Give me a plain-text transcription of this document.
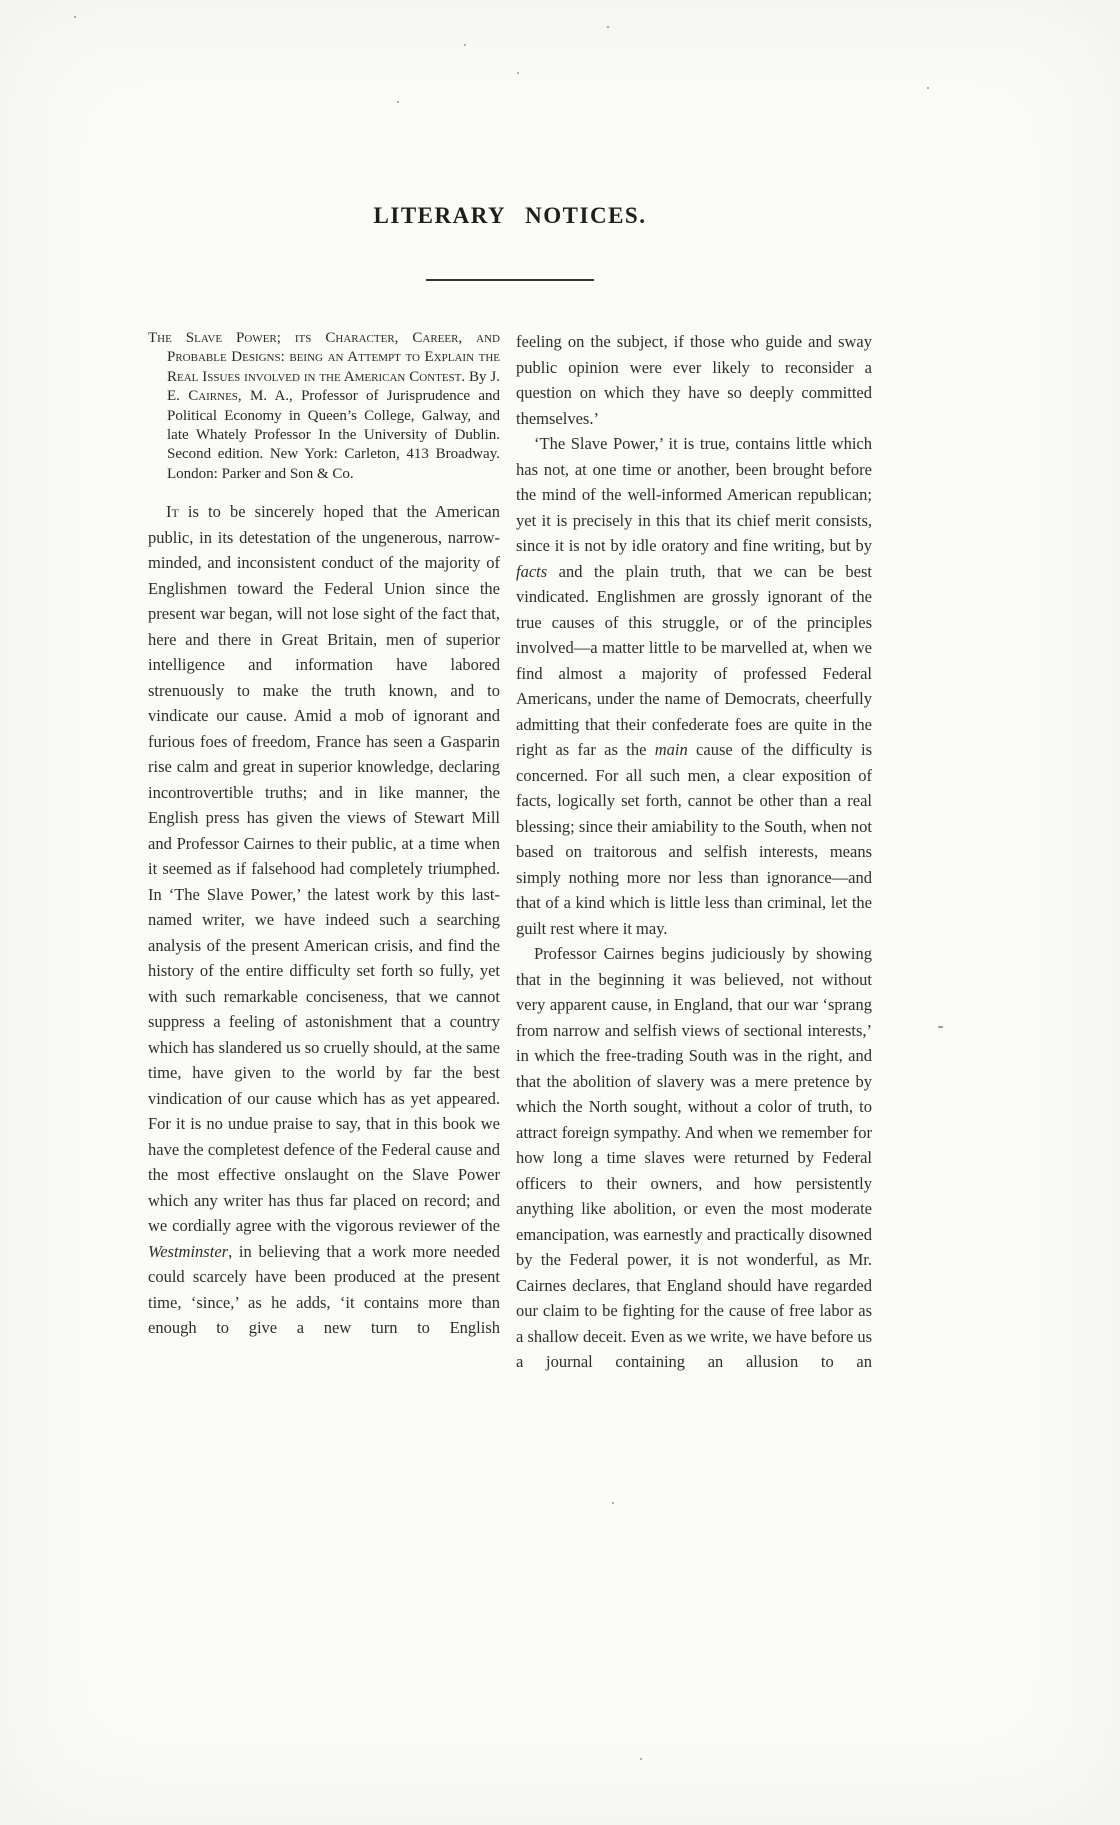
LITERARY NOTICES.

The Slave Power; its Character, Career, and Probable Designs: being an Attempt to Explain the Real Issues involved in the American Contest. By J. E. Cairnes, M. A., Professor of Jurisprudence and Political Economy in Queen’s College, Galway, and late Whately Professor In the University of Dublin. Second edition. New York: Carleton, 413 Broadway. London: Parker and Son & Co.

It is to be sincerely hoped that the American public, in its detestation of the ungenerous, narrow-minded, and inconsistent conduct of the majority of Englishmen toward the Federal Union since the present war began, will not lose sight of the fact that, here and there in Great Britain, men of superior intelligence and information have labored strenuously to make the truth known, and to vindicate our cause. Amid a mob of ignorant and furious foes of freedom, France has seen a Gasparin rise calm and great in superior knowledge, declaring incontrovertible truths; and in like manner, the English press has given the views of Stewart Mill and Professor Cairnes to their public, at a time when it seemed as if falsehood had completely triumphed. In ‘The Slave Power,’ the latest work by this last-named writer, we have indeed such a searching analysis of the present American crisis, and find the history of the entire difficulty set forth so fully, yet with such remarkable conciseness, that we cannot suppress a feeling of astonishment that a country which has slandered us so cruelly should, at the same time, have given to the world by far the best vindication of our cause which has as yet appeared. For it is no undue praise to say, that in this book we have the completest defence of the Federal cause and the most effective onslaught on the Slave Power which any writer has thus far placed on record; and we cordially agree with the vigorous reviewer of the Westminster, in believing that a work more needed could scarcely have been produced at the present time, ‘since,’ as he adds, ‘it contains more than enough to give a new turn to English

feeling on the subject, if those who guide and sway public opinion were ever likely to reconsider a question on which they have so deeply committed themselves.’

‘The Slave Power,’ it is true, contains little which has not, at one time or another, been brought before the mind of the well-informed American republican; yet it is precisely in this that its chief merit consists, since it is not by idle oratory and fine writing, but by facts and the plain truth, that we can be best vindicated. Englishmen are grossly ignorant of the true causes of this struggle, or of the principles involved—a matter little to be marvelled at, when we find almost a majority of professed Federal Americans, under the name of Democrats, cheerfully admitting that their confederate foes are quite in the right as far as the main cause of the difficulty is concerned. For all such men, a clear exposition of facts, logically set forth, cannot be other than a real blessing; since their amiability to the South, when not based on traitorous and selfish interests, means simply nothing more nor less than ignorance—and that of a kind which is little less than criminal, let the guilt rest where it may.

Professor Cairnes begins judiciously by showing that in the beginning it was believed, not without very apparent cause, in England, that our war ‘sprang from narrow and selfish views of sectional interests,’ in which the free-trading South was in the right, and that the abolition of slavery was a mere pretence by which the North sought, without a color of truth, to attract foreign sympathy. And when we remember for how long a time slaves were returned by Federal officers to their owners, and how persistently anything like abolition, or even the most moderate emancipation, was earnestly and practically disowned by the Federal power, it is not wonderful, as Mr. Cairnes declares, that England should have regarded our claim to be fighting for the cause of free labor as a shallow deceit. Even as we write, we have before us a journal containing an allusion to an
